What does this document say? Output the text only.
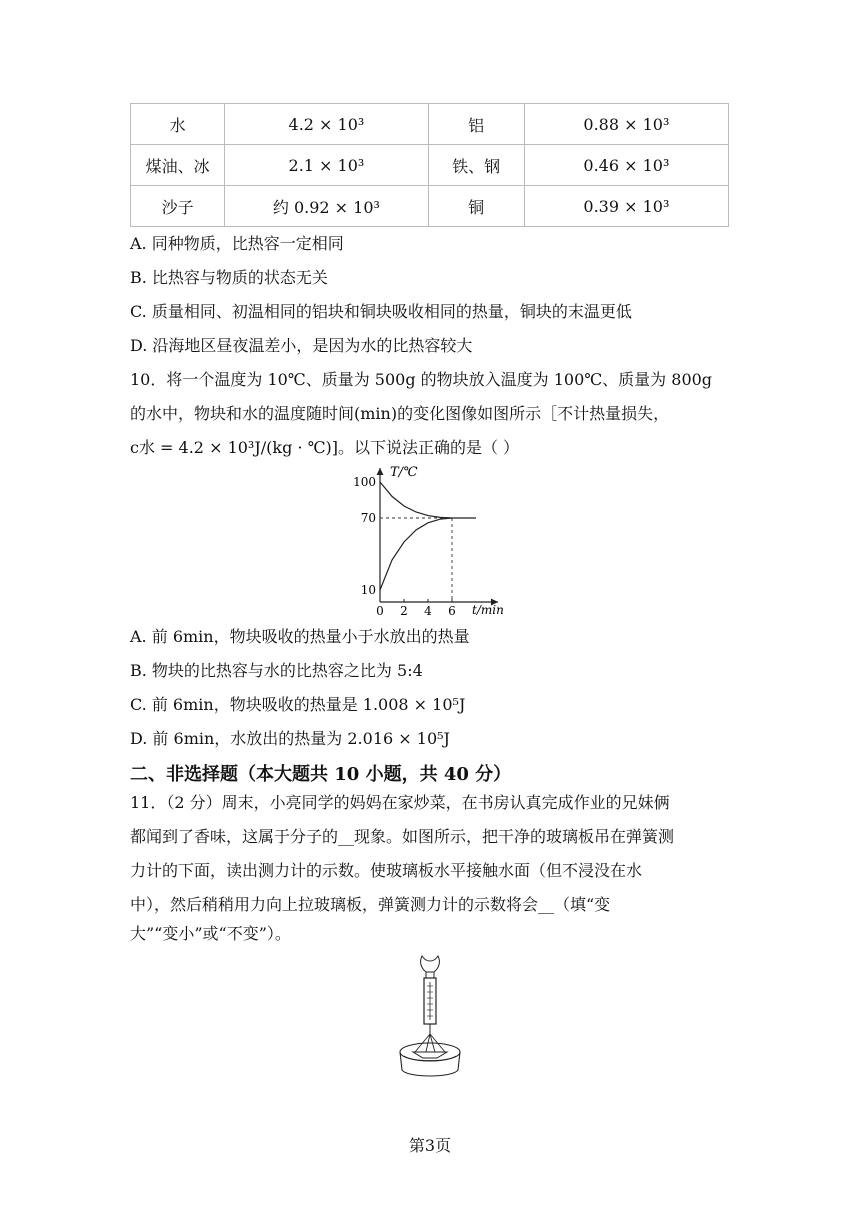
水	4.2 × 10³	铝	0.88 × 10³
煤油、冰	2.1 × 10³	铁、钢	0.46 × 10³
沙子	约 0.92 × 10³	铜	0.39 × 10³
A. 同种物质，比热容一定相同
B. 比热容与物质的状态无关
C. 质量相同、初温相同的铝块和铜块吸收相同的热量，铜块的末温更低
D. 沿海地区昼夜温差小，是因为水的比热容较大
10．将一个温度为 10℃、质量为 500g 的物块放入温度为 100℃、质量为 800g
的水中，物块和水的温度随时间(min)的变化图像如图所示［不计热量损失，
c水 = 4.2 × 10³J/(kg · ℃)]。以下说法正确的是（ ）
T/℃
t/min
10
70
100
0 2 4 6
A. 前 6min，物块吸收的热量小于水放出的热量
B. 物块的比热容与水的比热容之比为 5:4
C. 前 6min，物块吸收的热量是 1.008 × 10⁵J
D. 前 6min，水放出的热量为 2.016 × 10⁵J
二、非选择题（本大题共 10 小题，共 40 分）
11．（2 分）周末，小亮同学的妈妈在家炒菜，在书房认真完成作业的兄妹俩
都闻到了香味，这属于分子的__现象。如图所示，把干净的玻璃板吊在弹簧测
力计的下面，读出测力计的示数。使玻璃板水平接触水面（但不浸没在水
中），然后稍稍用力向上拉玻璃板，弹簧测力计的示数将会__（填“变
大”“变小”或“不变”）。
第3页
